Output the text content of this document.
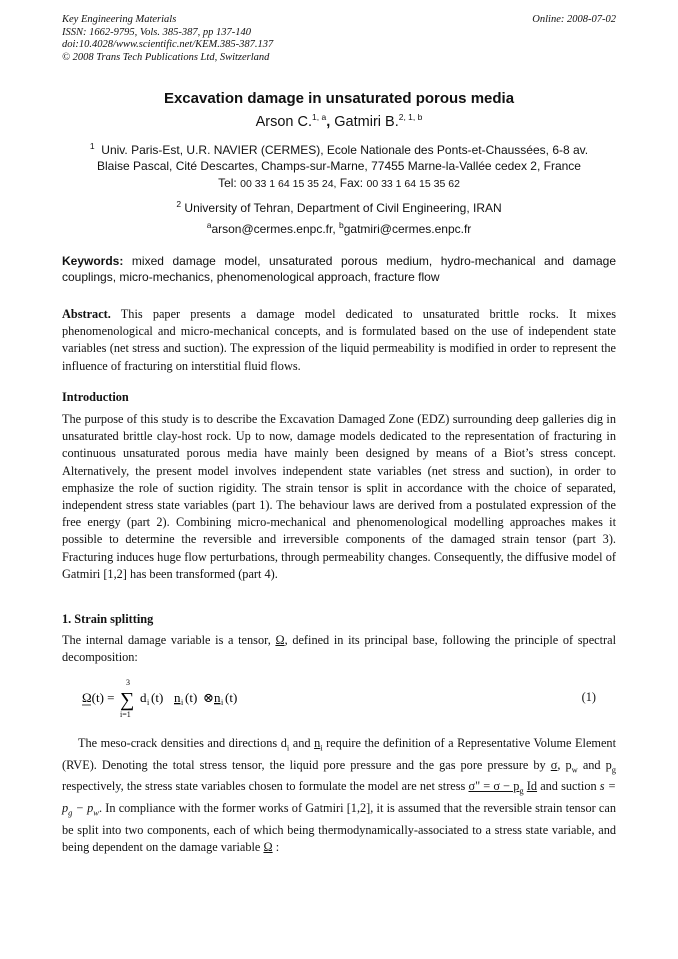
Key Engineering Materials
ISSN: 1662-9795, Vols. 385-387, pp 137-140
doi:10.4028/www.scientific.net/KEM.385-387.137
© 2008 Trans Tech Publications Ltd, Switzerland
Online: 2008-07-02
Excavation damage in unsaturated porous media
Arson C.$^{1, a}$, Gatmiri B.$^{2, 1, b}$
$^1$ Univ. Paris-Est, U.R. NAVIER (CERMES), Ecole Nationale des Ponts-et-Chaussées, 6-8 av.
Blaise Pascal, Cité Descartes, Champs-sur-Marne, 77455 Marne-la-Vallée cedex 2, France
Tel: 00 33 1 64 15 35 24, Fax: 00 33 1 64 15 35 62
$^2$ University of Tehran, Department of Civil Engineering, IRAN
$^a$arson@cermes.enpc.fr, $^b$gatmiri@cermes.enpc.fr
Keywords: mixed damage model, unsaturated porous medium, hydro-mechanical and damage couplings, micro-mechanics, phenomenological approach, fracture flow
Abstract. This paper presents a damage model dedicated to unsaturated brittle rocks. It mixes phenomenological and micro-mechanical concepts, and is formulated based on the use of independent state variables (net stress and suction). The expression of the liquid permeability is modified in order to represent the influence of fracturing on interstitial fluid flows.
Introduction
The purpose of this study is to describe the Excavation Damaged Zone (EDZ) surrounding deep galleries dig in unsaturated brittle clay-host rock. Up to now, damage models dedicated to the representation of fracturing in continuous unsaturated porous media have mainly been designed by means of a Biot’s stress concept. Alternatively, the present model involves independent state variables (net stress and suction), in order to emphasize the role of suction rigidity. The strain tensor is split in accordance with the choice of separated, independent stress state variables (part 1). The behaviour laws are derived from a postulated expression of the free energy (part 2). Combining micro-mechanical and phenomenological modelling approaches makes it possible to determine the reversible and irreversible components of the damaged strain tensor (part 3). Fracturing induces huge flow perturbations, through permeability changes. Consequently, the diffusive model of Gatmiri [1,2] has been transformed (part 4).
1. Strain splitting
The internal damage variable is a tensor, Ω, defined in its principal base, following the principle of spectral decomposition:
Ω(t) =
3
∑
i=1
d i (t) n i (t) ⊗ n i (t)	(1)
The meso-crack densities and directions $d_i$ and $n_i$ require the definition of a Representative Volume Element (RVE). Denoting the total stress tensor, the liquid pore pressure and the gas pore pressure by σ, $p_w$ and $p_g$ respectively, the stress state variables chosen to formulate the model are net stress σ" = $\sigma - p_g$ Id and suction $s = p_g - p_w$. In compliance with the former works of Gatmiri [1,2], it is assumed that the reversible strain tensor can be split into two components, each of which being thermodynamically-associated to a stress state variable, and being dependent on the damage variable Ω :
